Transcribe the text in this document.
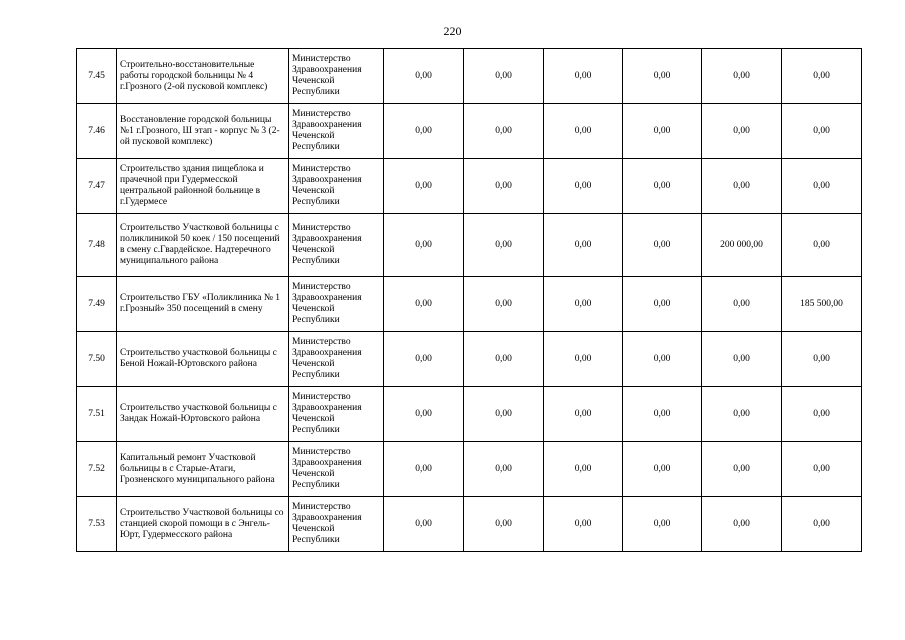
220
7.45	Строительно-восстановительные работы городской больницы № 4 г.Грозного (2-ой пусковой комплекс)	Министерство Здравоохранения Чеченской Республики	0,00	0,00	0,00	0,00	0,00	0,00
7.46	Восстановление городской больницы №1 г.Грозного, Ш этап - корпус № 3 (2-ой пусковой комплекс)	Министерство Здравоохранения Чеченской Республики	0,00	0,00	0,00	0,00	0,00	0,00
7.47	Строительство здания пищеблока и прачечной при Гудермесской центральной районной больнице в г.Гудермесе	Министерство Здравоохранения Чеченской Республики	0,00	0,00	0,00	0,00	0,00	0,00
7.48	Строительство Участковой больницы с поликлиникой 50 коек / 150 посещений в смену с.Гвардейское. Надтеречного муниципального района	Министерство Здравоохранения Чеченской Республики	0,00	0,00	0,00	0,00	200 000,00	0,00
7.49	Строительство ГБУ «Поликлиника № 1 г.Грозный» 350 посещений в смену	Министерство Здравоохранения Чеченской Республики	0,00	0,00	0,00	0,00	0,00	185 500,00
7.50	Строительство участковой больницы с Беной Ножай-Юртовского района	Министерство Здравоохранения Чеченской Республики	0,00	0,00	0,00	0,00	0,00	0,00
7.51	Строительство участковой больницы с Зандак Ножай-Юртовского района	Министерство Здравоохранения Чеченской Республики	0,00	0,00	0,00	0,00	0,00	0,00
7.52	Капитальный ремонт Участковой больницы в с Старые-Атаги, Грозненского муниципального района	Министерство Здравоохранения Чеченской Республики	0,00	0,00	0,00	0,00	0,00	0,00
7.53	Строительство Участковой больницы со станцией скорой помощи в с Энгель-Юрт, Гудермесского района	Министерство Здравоохранения Чеченской Республики	0,00	0,00	0,00	0,00	0,00	0,00
